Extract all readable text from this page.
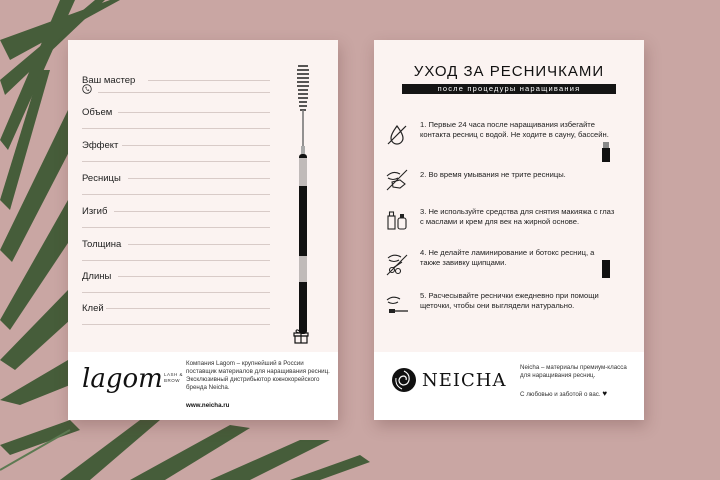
Ваш мастер
Объем
Эффект
Ресницы
Изгиб
Толщина
Длины
Клей
lagom LASH & BROW
Компания Lagom – крупнейший в России поставщик материалов для наращивания ресниц. Эксклюзивный дистрибьютор южнокорейского бренда Neicha.
www.neicha.ru
УХОД ЗА РЕСНИЧКАМИ
после процедуры наращивания
1. Первые 24 часа после наращивания избегайте контакта ресниц с водой. Не ходите в сауну, бассейн.
2. Во время умывания не трите ресницы.
3. Не используйте средства для снятия макияжа с глаз с маслами и крем для век на жирной основе.
4. Не делайте ламинирование и ботокс ресниц, а также завивку щипцами.
5. Расчесывайте реснички ежедневно при помощи щеточки, чтобы они выглядели натурально.
NEICHA
Neicha – материалы премиум-класса для наращивания ресниц.
С любовью и заботой о вас. ♥
